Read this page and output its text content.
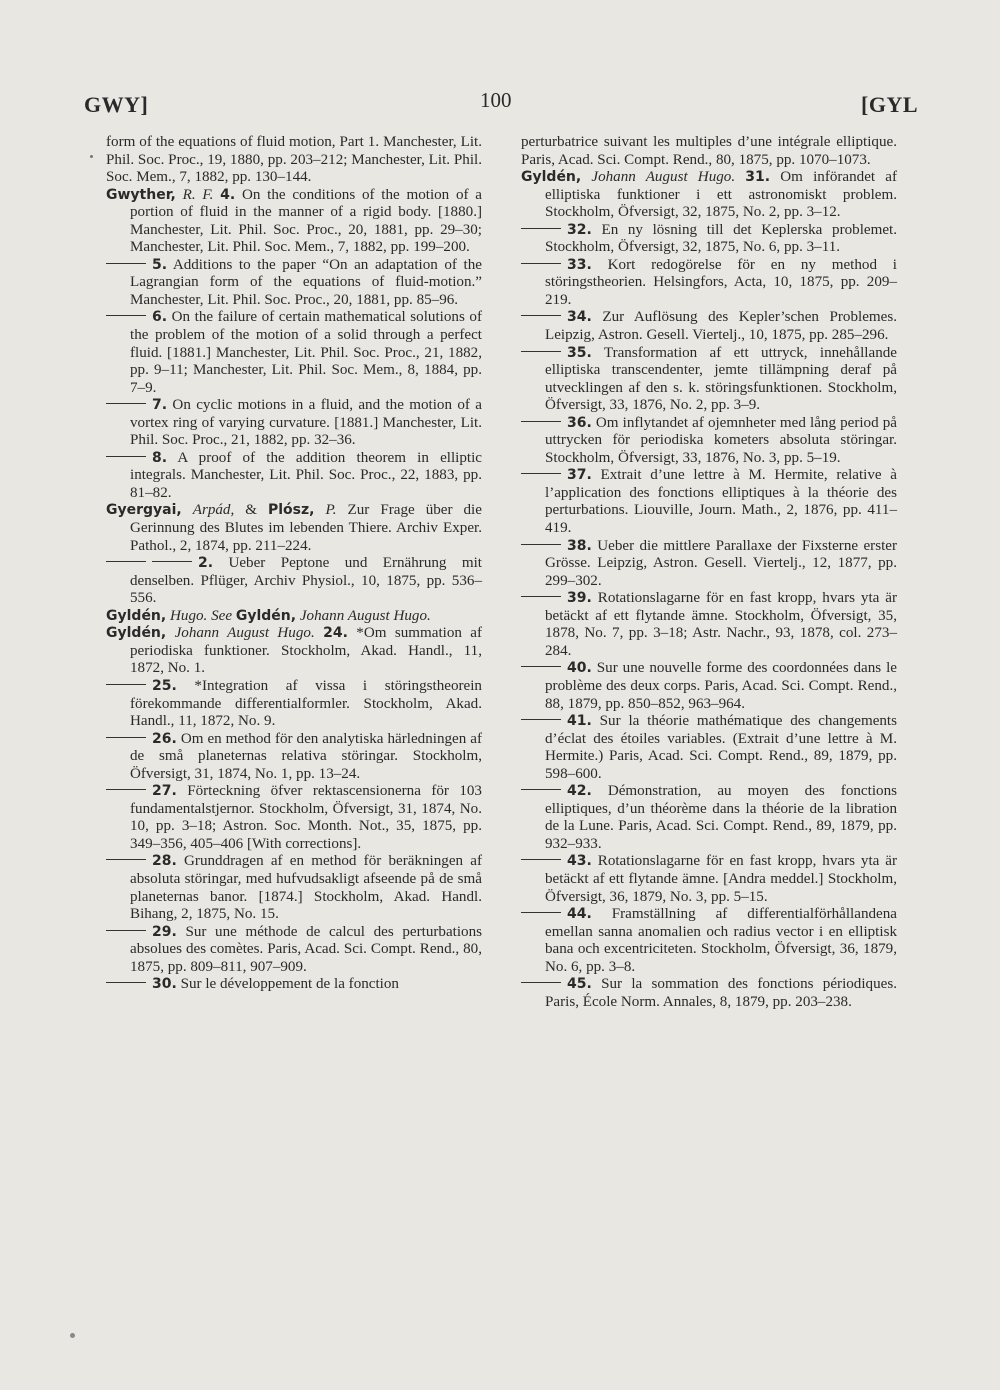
GWY]	100	[GYL
form of the equations of fluid motion, Part 1. Manchester, Lit. Phil. Soc. Proc., 19, 1880, pp. 203–212; Manchester, Lit. Phil. Soc. Mem., 7, 1882, pp. 130–144.
Gwyther, R. F. 4. On the conditions of the motion of a portion of fluid in the manner of a rigid body. [1880.] Manchester, Lit. Phil. Soc. Proc., 20, 1881, pp. 29–30; Manchester, Lit. Phil. Soc. Mem., 7, 1882, pp. 199–200.
5. Additions to the paper “On an adaptation of the Lagrangian form of the equations of fluid-motion.” Manchester, Lit. Phil. Soc. Proc., 20, 1881, pp. 85–96.
6. On the failure of certain mathematical solutions of the problem of the motion of a solid through a perfect fluid. [1881.] Manchester, Lit. Phil. Soc. Proc., 21, 1882, pp. 9–11; Manchester, Lit. Phil. Soc. Mem., 8, 1884, pp. 7–9.
7. On cyclic motions in a fluid, and the motion of a vortex ring of varying curvature. [1881.] Manchester, Lit. Phil. Soc. Proc., 21, 1882, pp. 32–36.
8. A proof of the addition theorem in elliptic integrals. Manchester, Lit. Phil. Soc. Proc., 22, 1883, pp. 81–82.
Gyergyai, Arpád, & Plósz, P. Zur Frage über die Gerinnung des Blutes im lebenden Thiere. Archiv Exper. Pathol., 2, 1874, pp. 211–224.
2. Ueber Peptone und Ernährung mit denselben. Pflüger, Archiv Physiol., 10, 1875, pp. 536–556.
Gyldén, Hugo. See Gyldén, Johann August Hugo.
Gyldén, Johann August Hugo. 24. *Om summation af periodiska funktioner. Stockholm, Akad. Handl., 11, 1872, No. 1.
25. *Integration af vissa i störingstheorein förekommande differentialformler. Stockholm, Akad. Handl., 11, 1872, No. 9.
26. Om en method för den analytiska härledningen af de små planeternas relativa störingar. Stockholm, Öfversigt, 31, 1874, No. 1, pp. 13–24.
27. Förteckning öfver rektascensionerna för 103 fundamentalstjernor. Stockholm, Öfversigt, 31, 1874, No. 10, pp. 3–18; Astron. Soc. Month. Not., 35, 1875, pp. 349–356, 405–406 [With corrections].
28. Grunddragen af en method för beräkningen af absoluta störingar, med hufvudsakligt afseende på de små planeternas banor. [1874.] Stockholm, Akad. Handl. Bihang, 2, 1875, No. 15.
29. Sur une méthode de calcul des perturbations absolues des comètes. Paris, Acad. Sci. Compt. Rend., 80, 1875, pp. 809–811, 907–909.
30. Sur le développement de la fonction
perturbatrice suivant les multiples d’une intégrale elliptique. Paris, Acad. Sci. Compt. Rend., 80, 1875, pp. 1070–1073.
Gyldén, Johann August Hugo. 31. Om införandet af elliptiska funktioner i ett astronomiskt problem. Stockholm, Öfversigt, 32, 1875, No. 2, pp. 3–12.
32. En ny lösning till det Keplerska problemet. Stockholm, Öfversigt, 32, 1875, No. 6, pp. 3–11.
33. Kort redogörelse för en ny method i störingstheorien. Helsingfors, Acta, 10, 1875, pp. 209–219.
34. Zur Auflösung des Kepler’schen Problemes. Leipzig, Astron. Gesell. Viertelj., 10, 1875, pp. 285–296.
35. Transformation af ett uttryck, innehållande elliptiska transcendenter, jemte tillämpning deraf på utvecklingen af den s. k. störingsfunktionen. Stockholm, Öfversigt, 33, 1876, No. 2, pp. 3–9.
36. Om inflytandet af ojemnheter med lång period på uttrycken för periodiska kometers absoluta störingar. Stockholm, Öfversigt, 33, 1876, No. 3, pp. 5–19.
37. Extrait d’une lettre à M. Hermite, relative à l’application des fonctions elliptiques à la théorie des perturbations. Liouville, Journ. Math., 2, 1876, pp. 411–419.
38. Ueber die mittlere Parallaxe der Fixsterne erster Grösse. Leipzig, Astron. Gesell. Viertelj., 12, 1877, pp. 299–302.
39. Rotationslagarne för en fast kropp, hvars yta är betäckt af ett flytande ämne. Stockholm, Öfversigt, 35, 1878, No. 7, pp. 3–18; Astr. Nachr., 93, 1878, col. 273–284.
40. Sur une nouvelle forme des coordonnées dans le problème des deux corps. Paris, Acad. Sci. Compt. Rend., 88, 1879, pp. 850–852, 963–964.
41. Sur la théorie mathématique des changements d’éclat des étoiles variables. (Extrait d’une lettre à M. Hermite.) Paris, Acad. Sci. Compt. Rend., 89, 1879, pp. 598–600.
42. Démonstration, au moyen des fonctions elliptiques, d’un théorème dans la théorie de la libration de la Lune. Paris, Acad. Sci. Compt. Rend., 89, 1879, pp. 932–933.
43. Rotationslagarne för en fast kropp, hvars yta är betäckt af ett flytande ämne. [Andra meddel.] Stockholm, Öfversigt, 36, 1879, No. 3, pp. 5–15.
44. Framställning af differentialförhållandena emellan sanna anomalien och radius vector i en elliptisk bana och excentriciteten. Stockholm, Öfversigt, 36, 1879, No. 6, pp. 3–8.
45. Sur la sommation des fonctions périodiques. Paris, École Norm. Annales, 8, 1879, pp. 203–238.
